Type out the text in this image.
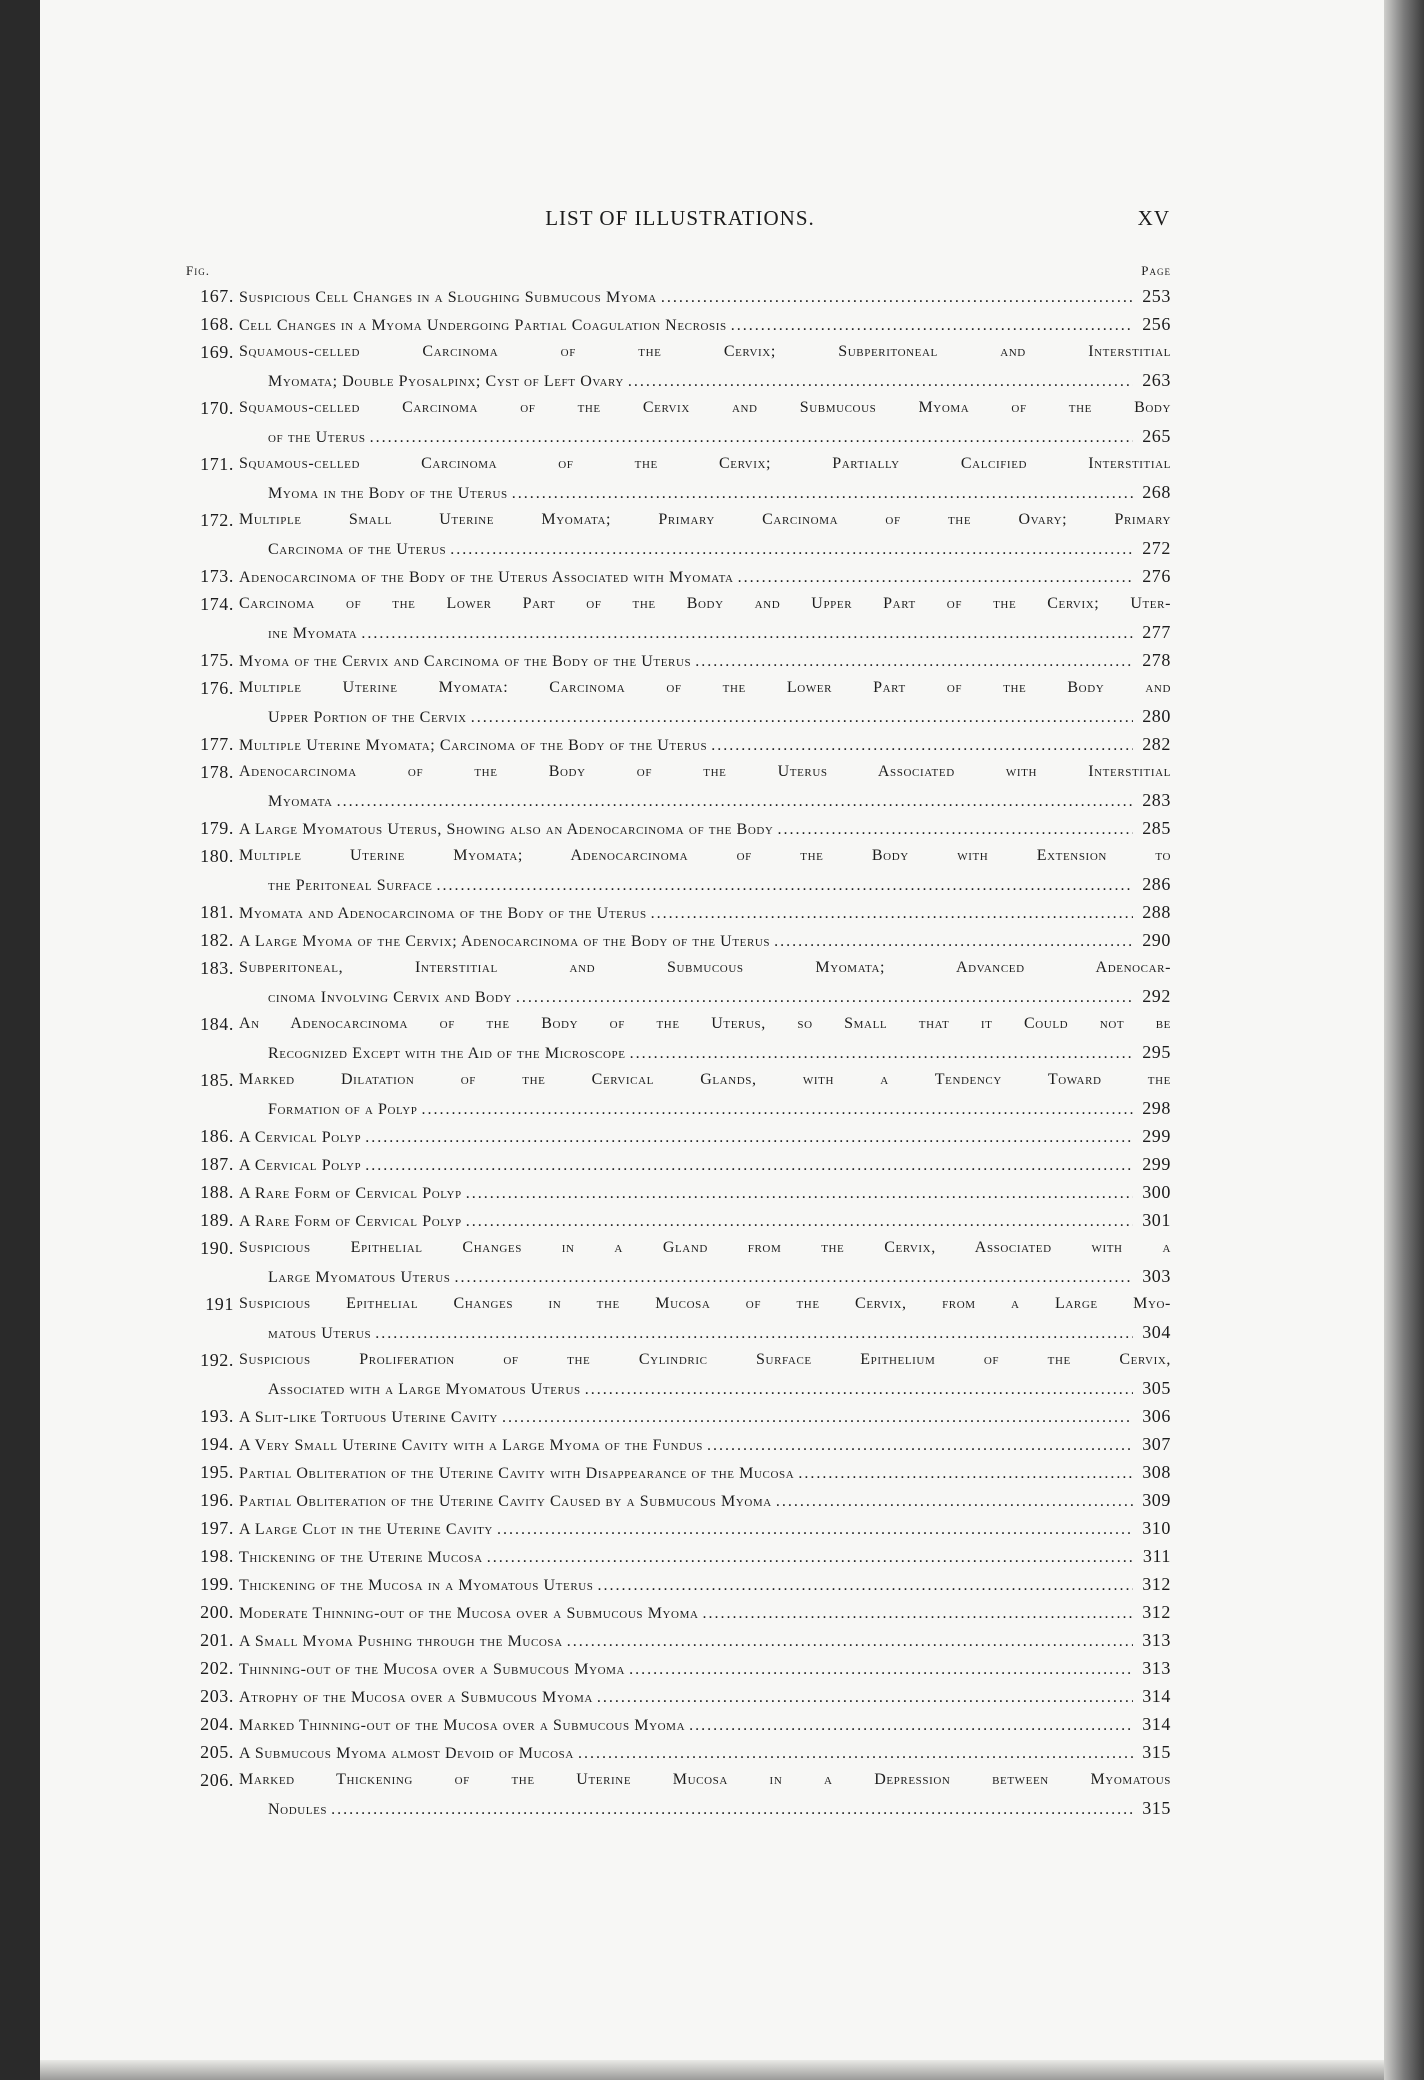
LIST OF ILLUSTRATIONS.	XV
Fig.	Page
167. Suspicious Cell Changes in a Sloughing Submucous Myoma .....	253
168. Cell Changes in a Myoma Undergoing Partial Coagulation Necrosis .....	256
169. Squamous-celled Carcinoma of the Cervix; Subperitoneal and Interstitial
Myomata; Double Pyosalpinx; Cyst of Left Ovary .....	263
170. Squamous-celled Carcinoma of the Cervix and Submucous Myoma of the Body
of the Uterus .....	265
171. Squamous-celled Carcinoma of the Cervix; Partially Calcified Interstitial
Myoma in the Body of the Uterus .....	268
172. Multiple Small Uterine Myomata; Primary Carcinoma of the Ovary; Primary
Carcinoma of the Uterus .....	272
173. Adenocarcinoma of the Body of the Uterus Associated with Myomata .....	276
174. Carcinoma of the Lower Part of the Body and Upper Part of the Cervix; Uter-
ine Myomata .....	277
175. Myoma of the Cervix and Carcinoma of the Body of the Uterus .....	278
176. Multiple Uterine Myomata: Carcinoma of the Lower Part of the Body and
Upper Portion of the Cervix .....	280
177. Multiple Uterine Myomata; Carcinoma of the Body of the Uterus .....	282
178. Adenocarcinoma of the Body of the Uterus Associated with Interstitial
Myomata .....	283
179. A Large Myomatous Uterus, Showing also an Adenocarcinoma of the Body .....	285
180. Multiple Uterine Myomata; Adenocarcinoma of the Body with Extension to
the Peritoneal Surface .....	286
181. Myomata and Adenocarcinoma of the Body of the Uterus .....	288
182. A Large Myoma of the Cervix; Adenocarcinoma of the Body of the Uterus .....	290
183. Subperitoneal, Interstitial and Submucous Myomata; Advanced Adenocar-
cinoma Involving Cervix and Body .....	292
184. An Adenocarcinoma of the Body of the Uterus, so Small that it Could not be
Recognized Except with the Aid of the Microscope .....	295
185. Marked Dilatation of the Cervical Glands, with a Tendency Toward the
Formation of a Polyp .....	298
186. A Cervical Polyp .....	299
187. A Cervical Polyp .....	299
188. A Rare Form of Cervical Polyp .....	300
189. A Rare Form of Cervical Polyp .....	301
190. Suspicious Epithelial Changes in a Gland from the Cervix, Associated with a
Large Myomatous Uterus .....	303
191 Suspicious Epithelial Changes in the Mucosa of the Cervix, from a Large Myo-
matous Uterus .....	304
192. Suspicious Proliferation of the Cylindric Surface Epithelium of the Cervix,
Associated with a Large Myomatous Uterus .....	305
193. A Slit-like Tortuous Uterine Cavity .....	306
194. A Very Small Uterine Cavity with a Large Myoma of the Fundus .....	307
195. Partial Obliteration of the Uterine Cavity with Disappearance of the Mucosa .....	308
196. Partial Obliteration of the Uterine Cavity Caused by a Submucous Myoma .....	309
197. A Large Clot in the Uterine Cavity .....	310
198. Thickening of the Uterine Mucosa .....	311
199. Thickening of the Mucosa in a Myomatous Uterus .....	312
200. Moderate Thinning-out of the Mucosa over a Submucous Myoma .....	312
201. A Small Myoma Pushing through the Mucosa .....	313
202. Thinning-out of the Mucosa over a Submucous Myoma .....	313
203. Atrophy of the Mucosa over a Submucous Myoma .....	314
204. Marked Thinning-out of the Mucosa over a Submucous Myoma .....	314
205. A Submucous Myoma almost Devoid of Mucosa .....	315
206. Marked Thickening of the Uterine Mucosa in a Depression between Myomatous
Nodules .....	315
